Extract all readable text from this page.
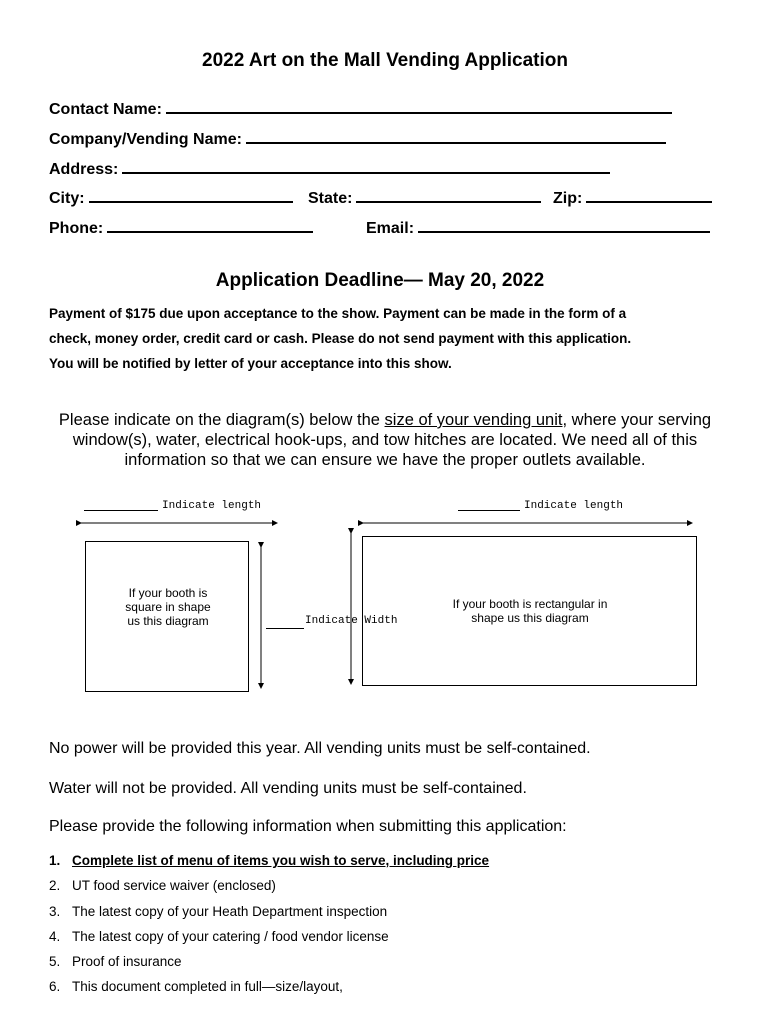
2022 Art on the Mall Vending Application
Contact Name:
Company/Vending Name:
Address:
City:	State:	Zip:
Phone:	Email:
Application Deadline— May 20, 2022
Payment of $175 due upon acceptance to the show. Payment can be made in the form of a
check, money order, credit card or cash. Please do not send payment with this application.
You will be notified by letter of your acceptance into this show.
Please indicate on the diagram(s) below the size of your vending unit, where your serving window(s), water, electrical hook-ups, and tow hitches are located. We need all of this information so that we can ensure we have the proper outlets available.
Indicate length	Indicate length
If your booth is square in shape us this diagram	Indicate Width
If your booth is rectangular in shape us this diagram
No power will be provided this year. All vending units must be self-contained.
Water will not be provided. All vending units must be self-contained.
Please provide the following information when submitting this application:
1. Complete list of menu of items you wish to serve, including price
2. UT food service waiver (enclosed)
3. The latest copy of your Heath Department inspection
4. The latest copy of your catering / food vendor license
5. Proof of insurance
6. This document completed in full—size/layout,
